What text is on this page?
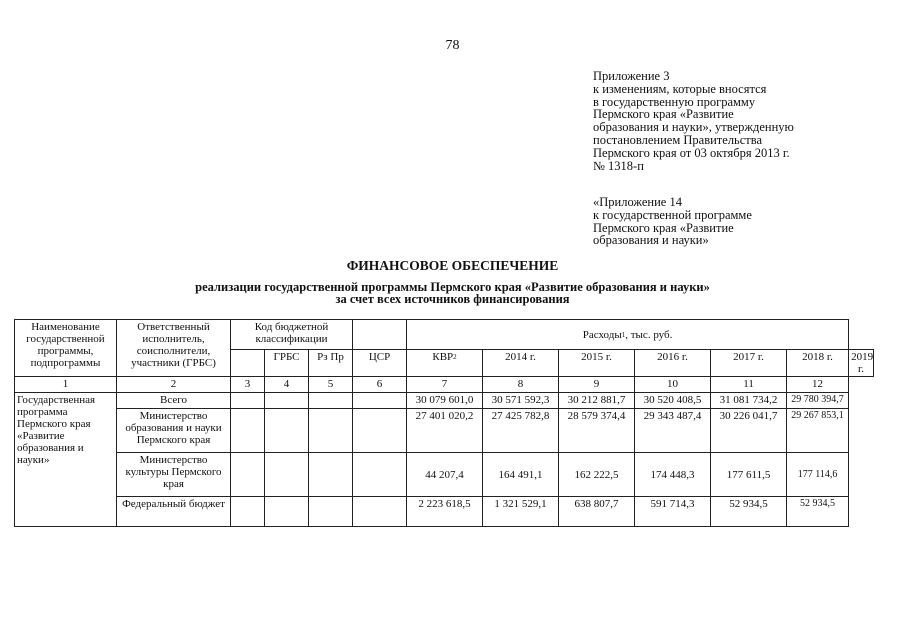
78
Приложение 3
к изменениям, которые вносятся
в государственную программу
Пермского края «Развитие
образования и науки», утвержденную
постановлением Правительства
Пермского края от 03 октября 2013 г.
№ 1318-п
«Приложение 14
к государственной программе
Пермского края «Развитие
образования и науки»
ФИНАНСОВОЕ ОБЕСПЕЧЕНИЕ
реализации государственной программы Пермского края «Развитие образования и науки»
за счет всех источников финансирования
Наименование государственной программы, подпрограммы	Ответственный исполнитель, соисполнители, участники (ГРБС)	Код бюджетной классификации				Расходы$^1$, тыс. руб.						
			ГРБС	Рз Пр	ЦСР	КВР$^2$	2014 г.	2015 г.	2016 г.	2017 г.	2018 г.	2019 г.
1	2	3	4	5	6	7	8	9	10	11	12	
Государственная программа Пермского края «Развитие образования и науки»	Всего					30 079 601,0	30 571 592,3	30 212 881,7	30 520 408,5	31 081 734,2	29 780 394,7	
	Министерство образования и науки Пермского края					27 401 020,2	27 425 782,8	28 579 374,4	29 343 487,4	30 226 041,7	29 267 853,1	
	Министерство культуры Пермского края					44 207,4	164 491,1	162 222,5	174 448,3	177 611,5	177 114,6	
	Федеральный бюджет					2 223 618,5	1 321 529,1	638 807,7	591 714,3	52 934,5	52 934,5	
